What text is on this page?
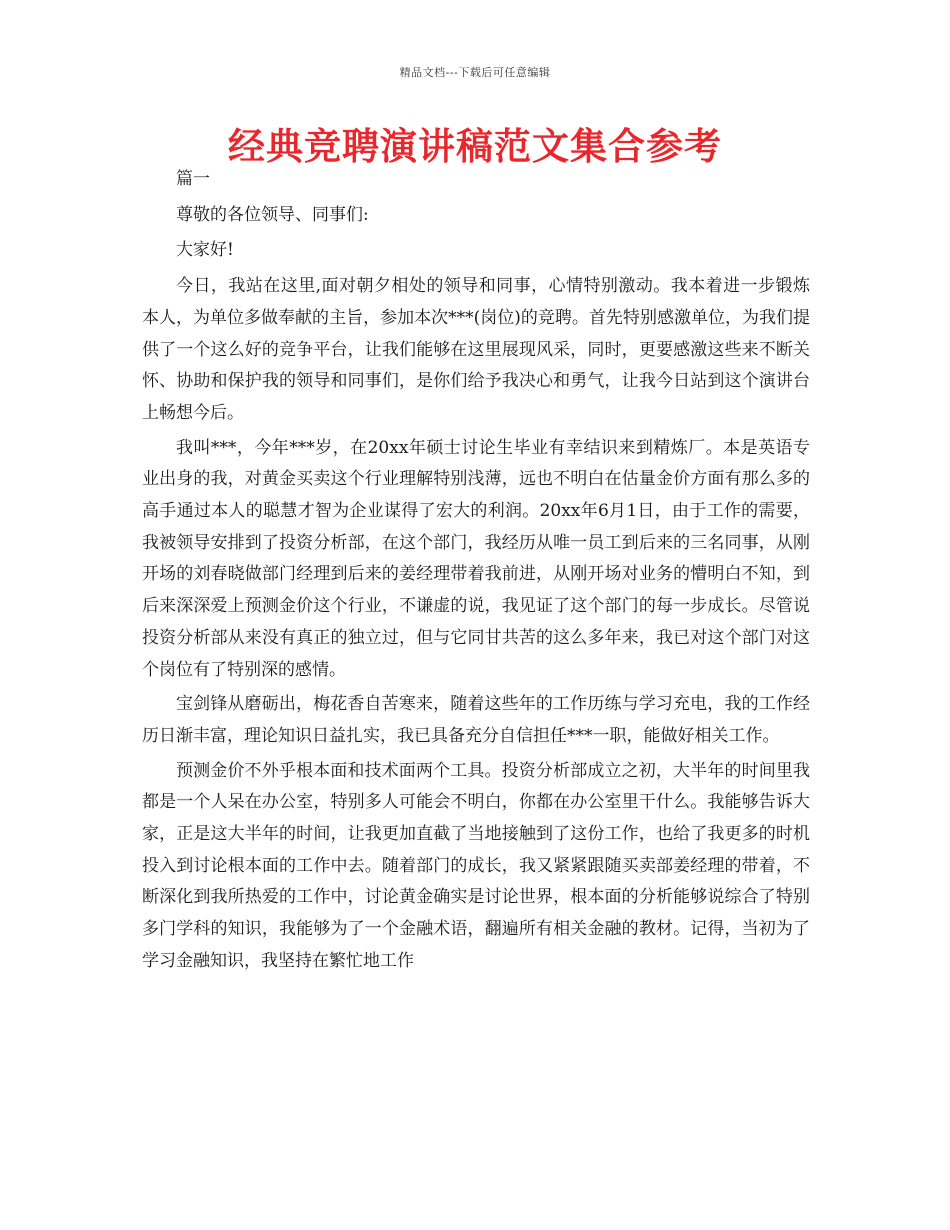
精品文档---下载后可任意编辑
经典竞聘演讲稿范文集合参考

篇一

尊敬的各位领导、同事们:

大家好!

今日，我站在这里,面对朝夕相处的领导和同事，心情特别激动。我本着进一步锻炼本人，为单位多做奉献的主旨，参加本次***(岗位)的竞聘。首先特别感激单位，为我们提供了一个这么好的竞争平台，让我们能够在这里展现风采，同时，更要感激这些来不断关怀、协助和保护我的领导和同事们，是你们给予我决心和勇气，让我今日站到这个演讲台上畅想今后。

我叫***，今年***岁，在20xx年硕士讨论生毕业有幸结识来到精炼厂。本是英语专业出身的我，对黄金买卖这个行业理解特别浅薄，远也不明白在估量金价方面有那么多的高手通过本人的聪慧才智为企业谋得了宏大的利润。20xx年6月1日，由于工作的需要，我被领导安排到了投资分析部，在这个部门，我经历从唯一员工到后来的三名同事，从刚开场的刘春晓做部门经理到后来的姜经理带着我前进，从刚开场对业务的懵明白不知，到后来深深爱上预测金价这个行业，不谦虚的说，我见证了这个部门的每一步成长。尽管说投资分析部从来没有真正的独立过，但与它同甘共苦的这么多年来，我已对这个部门对这个岗位有了特别深的感情。

宝剑锋从磨砺出，梅花香自苦寒来，随着这些年的工作历练与学习充电，我的工作经历日渐丰富，理论知识日益扎实，我已具备充分自信担任***一职，能做好相关工作。

预测金价不外乎根本面和技术面两个工具。投资分析部成立之初，大半年的时间里我都是一个人呆在办公室，特别多人可能会不明白，你都在办公室里干什么。我能够告诉大家，正是这大半年的时间，让我更加直截了当地接触到了这份工作，也给了我更多的时机投入到讨论根本面的工作中去。随着部门的成长，我又紧紧跟随买卖部姜经理的带着，不断深化到我所热爱的工作中，讨论黄金确实是讨论世界，根本面的分析能够说综合了特别多门学科的知识，我能够为了一个金融术语，翻遍所有相关金融的教材。记得，当初为了学习金融知识，我坚持在繁忙地工作
